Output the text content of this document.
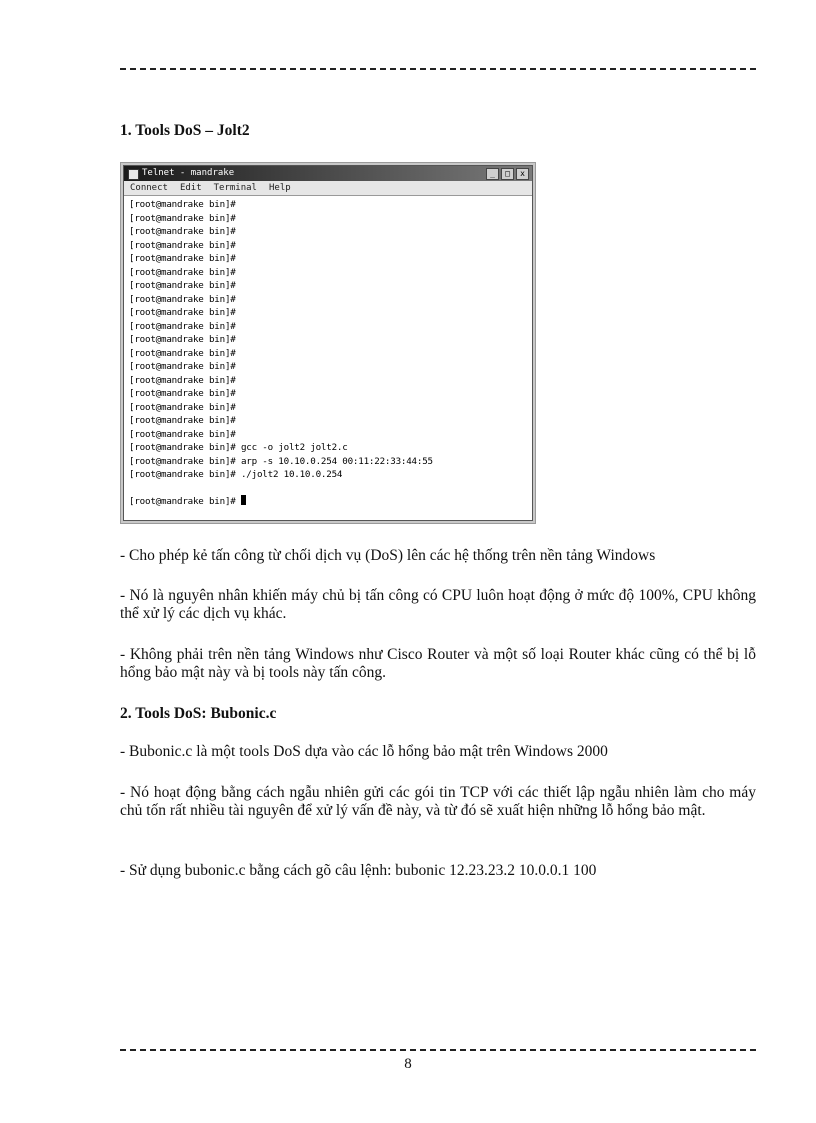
1. Tools DoS – Jolt2
Telnet - mandrake	_	□	x
Connect Edit Terminal Help
[root@mandrake bin]#
[root@mandrake bin]#
[root@mandrake bin]#
[root@mandrake bin]#
[root@mandrake bin]#
[root@mandrake bin]#
[root@mandrake bin]#
[root@mandrake bin]#
[root@mandrake bin]#
[root@mandrake bin]#
[root@mandrake bin]#
[root@mandrake bin]#
[root@mandrake bin]#
[root@mandrake bin]#
[root@mandrake bin]#
[root@mandrake bin]#
[root@mandrake bin]#
[root@mandrake bin]#
[root@mandrake bin]# gcc -o jolt2 jolt2.c
[root@mandrake bin]# arp -s 10.10.0.254 00:11:22:33:44:55
[root@mandrake bin]# ./jolt2 10.10.0.254
[root@mandrake bin]#

- Cho phép kẻ tấn công từ chối dịch vụ (DoS) lên các hệ thống trên nền tảng Windows

- Nó là nguyên nhân khiến máy chủ bị tấn công có CPU luôn hoạt động ở mức độ 100%, CPU không thể xử lý các dịch vụ khác.

- Không phải trên nền tảng Windows như Cisco Router và một số loại Router khác cũng có thể bị lỗ hổng bảo mật này và bị tools này tấn công.

2. Tools DoS: Bubonic.c

- Bubonic.c là một tools DoS dựa vào các lỗ hổng bảo mật trên Windows 2000

- Nó hoạt động bằng cách ngẫu nhiên gửi các gói tin TCP với các thiết lập ngẫu nhiên làm cho máy chủ tốn rất nhiều tài nguyên để xử lý vấn đề này, và từ đó sẽ xuất hiện những lỗ hổng bảo mật.

- Sử dụng bubonic.c bằng cách gõ câu lệnh: bubonic 12.23.23.2 10.0.0.1 100

8
